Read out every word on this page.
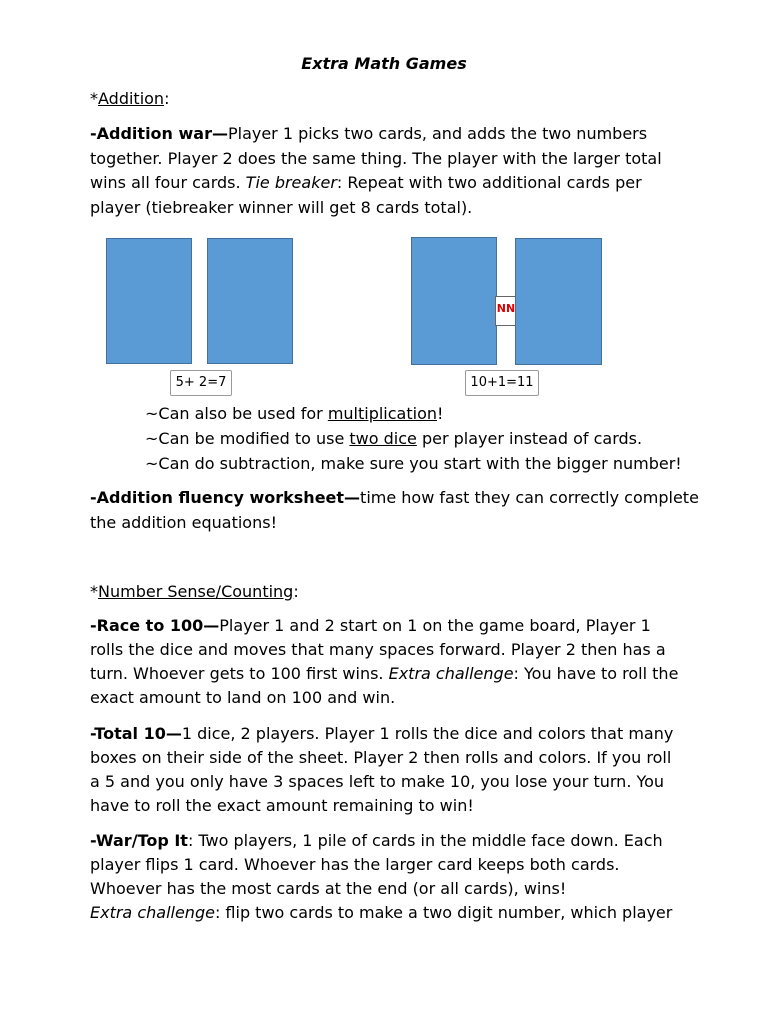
Extra Math Games
*Addition:
-Addition war—Player 1 picks two cards, and adds the two numbers
together. Player 2 does the same thing. The player with the larger total
wins all four cards. Tie breaker: Repeat with two additional cards per
player (tiebreaker winner will get 8 cards total).
5+ 2=7
NN
10+1=11
~Can also be used for multiplication!
~Can be modified to use two dice per player instead of cards.
~Can do subtraction, make sure you start with the bigger number!
-Addition fluency worksheet—time how fast they can correctly complete
the addition equations!
*Number Sense/Counting:
-Race to 100—Player 1 and 2 start on 1 on the game board, Player 1
rolls the dice and moves that many spaces forward. Player 2 then has a
turn. Whoever gets to 100 first wins. Extra challenge: You have to roll the
exact amount to land on 100 and win.
-Total 10—1 dice, 2 players. Player 1 rolls the dice and colors that many
boxes on their side of the sheet. Player 2 then rolls and colors. If you roll
a 5 and you only have 3 spaces left to make 10, you lose your turn. You
have to roll the exact amount remaining to win!
-War/Top It: Two players, 1 pile of cards in the middle face down. Each
player flips 1 card. Whoever has the larger card keeps both cards.
Whoever has the most cards at the end (or all cards), wins!
Extra challenge: flip two cards to make a two digit number, which player
